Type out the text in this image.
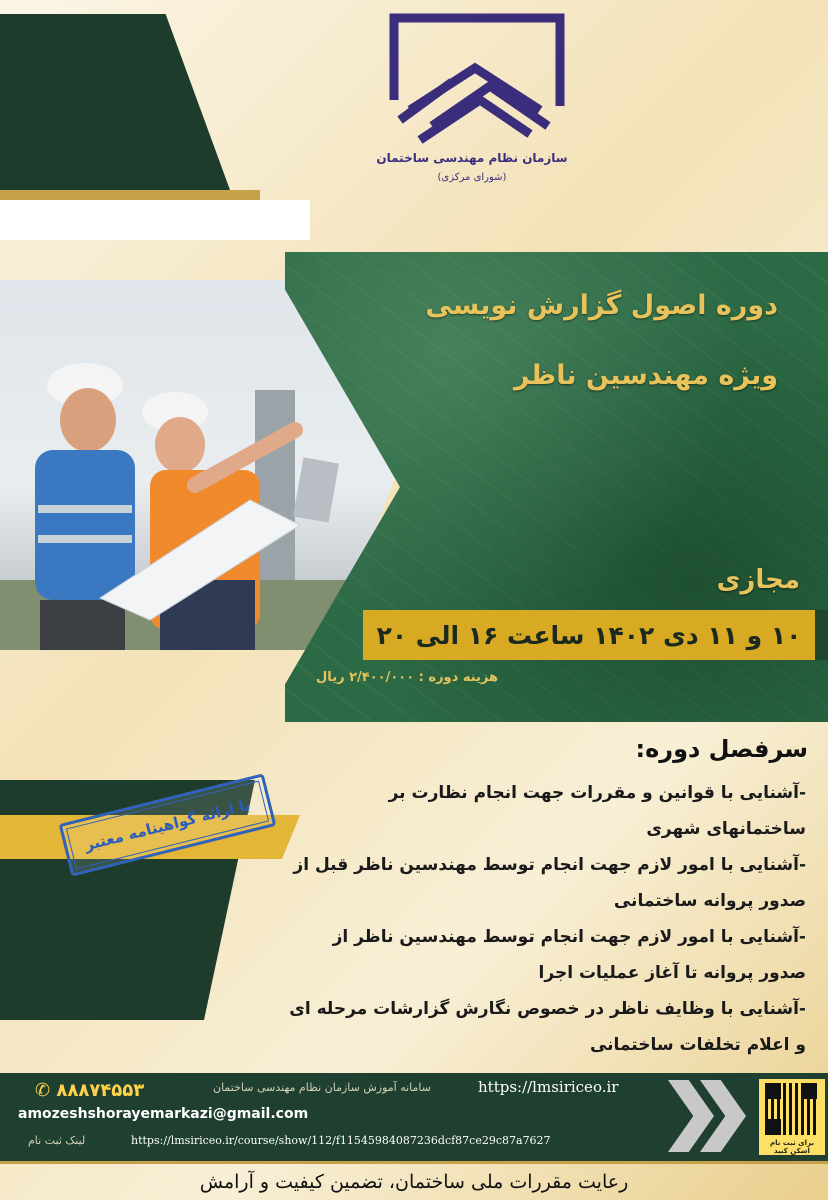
سازمان نظام مهندسی ساختمان
(شورای مرکزی)
دوره اصول گزارش نویسی
ویژه مهندسین ناظر
مجازی
۱۰ و ۱۱ دی ۱۴۰۲ ساعت ۱۶ الی ۲۰
هزینه دوره : ۲/۴۰۰/۰۰۰ ریال
با ارائه گواهینامه معتبر
سرفصل دوره:

-آشنایی با قوانین و مقررات جهت انجام نظارت بر ساختمانهای شهری

-آشنایی با امور لازم جهت انجام توسط مهندسین ناظر قبل از صدور پروانه ساختمانی

-آشنایی با امور لازم جهت انجام توسط مهندسین ناظر از صدور پروانه تا آغاز عملیات اجرا

-آشنایی با وظایف ناظر در خصوص نگارش گزارشات مرحله ای و اعلام تخلفات ساختمانی

برای ثبت نام اسکن کنید
✆ ۸۸۸۷۴۵۵۳
amozeshshorayemarkazi@gmail.com
سامانه آموزش سازمان نظام مهندسی ساختمان	https://lmsiriceo.ir
لینک ثبت نام	https://lmsiriceo.ir/course/show/112/f11545984087236dcf87ce29c87a7627
رعایت مقررات ملی ساختمان، تضمین کیفیت و آرامش
